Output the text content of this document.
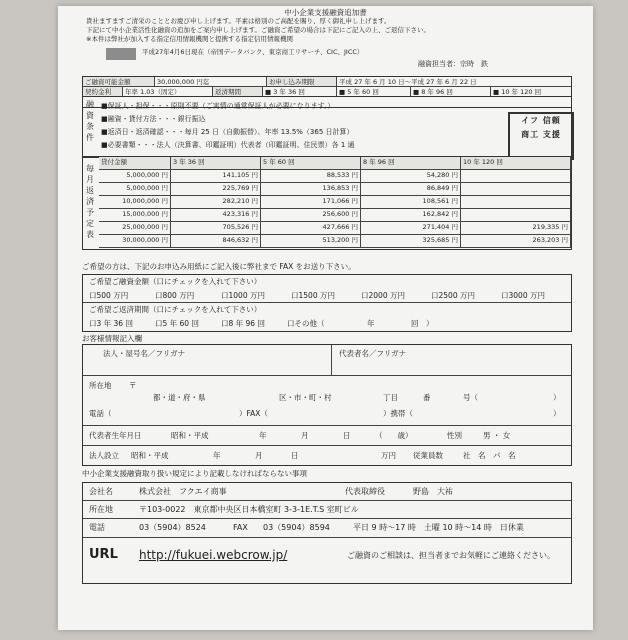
中小企業支援融資追加書
貴社ますますご清栄のこととお慶び申し上げます。平素は格別のご高配を賜り、厚く御礼申し上げます。
下記にて中小企業活性化融資の追加をご案内申し上げます。ご融資ご希望の場合は下記にご記入の上、ご返信下さい。
※本件は弊社が加入する指定信用情報機関と提携する指定信用情報機関
平成27年4月6日現在（帝国データバンク、東京商工リサーチ、CIC、JICC）
融資担当者：宗時　鉄
ご融資可能金額	30,000,000 円迄	お申し込み期限	平成 27 年 6 月 10 日～平成 27 年 6 月 22 日
契約金利	年率 1.03（固定）	返済期間	■ 3 年 36 回	■ 5 年 60 回	■ 8 年 96 回	■ 10 年 120 回
融
資
条
件
■保証人・担保・・・原則不要（ご実情の通常保証人が必要になります。）
■融資・貸付方法・・・銀行振込
■返済日・返済確認・・・毎月 25 日（自動振替）、年率 13.5%（365 日計算）
■必要書類・・・法人（決算書、印鑑証明）代表者（印鑑証明、住民票）各 1 通
イフ 信頼
商工 支援
毎
月
返
済
予
定
表
貸付金額	3 年 36 回	5 年 60 回	8 年 96 回	10 年 120 回
5,000,000 円	141,105 円	88,533 円	54,280 円
5,000,000 円	225,769 円	136,853 円	86,849 円
10,000,000 円	282,210 円	171,066 円	108,561 円
15,000,000 円	423,316 円	256,600 円	162,842 円
25,000,000 円	705,526 円	427,666 円	271,404 円	219,335 円
30,000,000 円	846,632 円	513,200 円	325,685 円	263,203 円
ご希望の方は、下記のお申込み用紙にご記入後に弊社まで FAX をお送り下さい。
ご希望ご融資金額（口にチェックを入れて下さい）
口500 万円	口800 万円	口1000 万円	口1500 万円	口2000 万円	口2500 万円	口3000 万円
ご希望ご返済期間（口にチェックを入れて下さい）
口3 年 36 回	口5 年 60 回	口8 年 96 回	口その他（	年	回　）
お客様情報記入欄
法人・屋号名／フリガナ	代表者名／フリガナ
所在地 〒
都・道・府・県	区・市・町・村	丁目	番	号（	）
電話（	）FAX（	）携帯（	）
代表者生年月日	昭和・平成	年	月	日	（　　歳）	性別	男 ・ 女
法人設立 昭和・平成	年	月	日	万円 従業員数	社　名　パ　名
中小企業支援融資取り扱い規定により記載しなければならない事項
会社名	株式会社　フクエイ商事	代表取締役	野島　大祐
所在地	〒103-0022　東京都中央区日本橋室町 3-3-1E.T.S 室町ビル
電話	03（5904）8524	FAX 03（5904）8594	平日 9 時～17 時　土曜 10 時～14 時　日休業
URL http://fukuei.webcrow.jp/	ご融資のご相談は、担当者までお気軽にご連絡ください。
